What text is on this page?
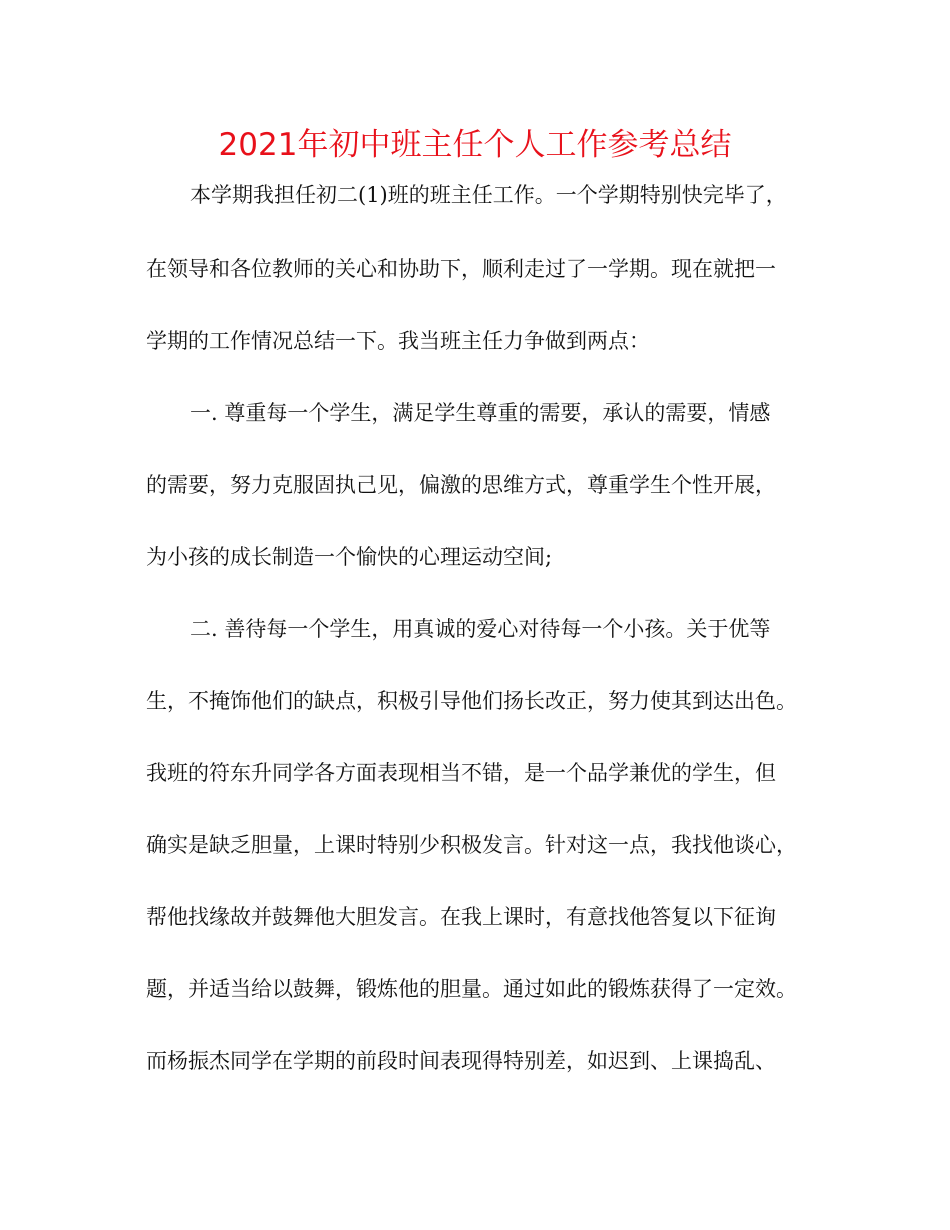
2021年初中班主任个人工作参考总结
本学期我担任初二(1)班的班主任工作。一个学期特别快完毕了，
在领导和各位教师的关心和协助下，顺利走过了一学期。现在就把一
学期的工作情况总结一下。我当班主任力争做到两点：
一. 尊重每一个学生，满足学生尊重的需要，承认的需要，情感
的需要，努力克服固执己见，偏激的思维方式，尊重学生个性开展，
为小孩的成长制造一个愉快的心理运动空间;
二. 善待每一个学生，用真诚的爱心对待每一个小孩。关于优等
生，不掩饰他们的缺点，积极引导他们扬长改正，努力使其到达出色。
我班的符东升同学各方面表现相当不错，是一个品学兼优的学生，但
确实是缺乏胆量，上课时特别少积极发言。针对这一点，我找他谈心，
帮他找缘故并鼓舞他大胆发言。在我上课时，有意找他答复以下征询
题，并适当给以鼓舞，锻炼他的胆量。通过如此的锻炼获得了一定效。
而杨振杰同学在学期的前段时间表现得特别差，如迟到、上课捣乱、
